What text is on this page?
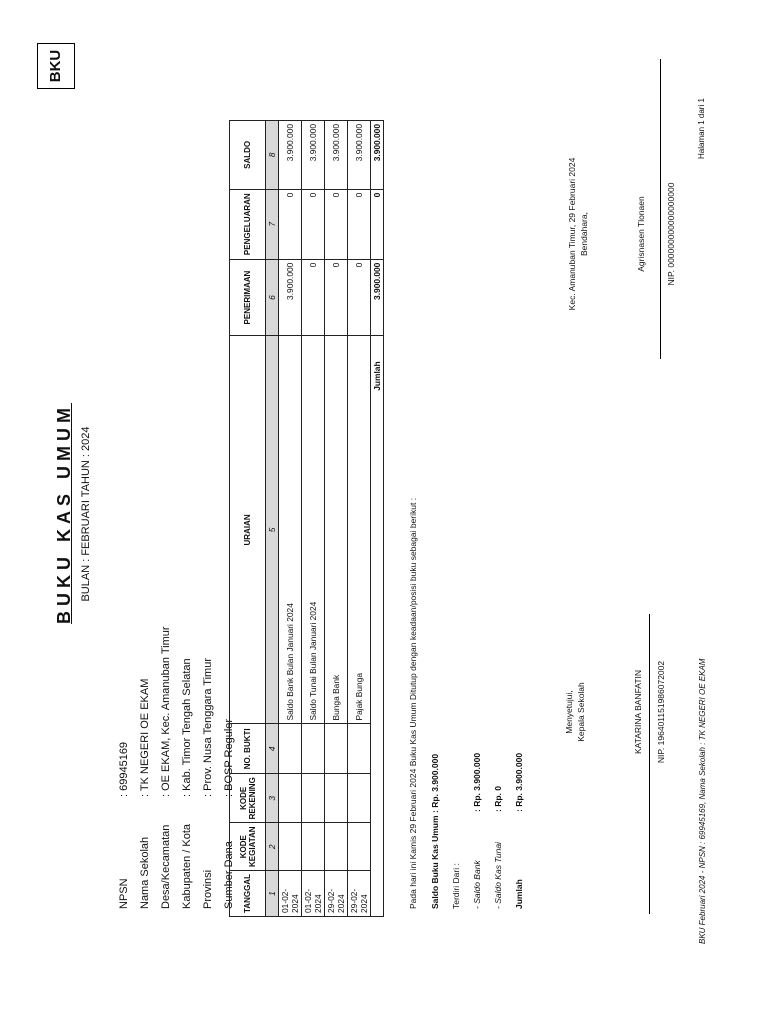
BKU
BUKU KAS UMUM BULAN : FEBRUARI TAHUN : 2024
NPSN: 69945169
Nama Sekolah: TK NEGERI OE EKAM
Desa/Kecamatan: OE EKAM, Kec. Amanuban Timur
Kabupaten / Kota: Kab. Timor Tengah Selatan
Provinsi: Prov. Nusa Tenggara Timur
Sumber Dana: BOSP Reguler
TANGGAL	KODE KEGIATAN	KODE REKENING	NO. BUKTI	URAIAN	PENERIMAAN	PENGELUARAN	SALDO
1	2	3	4	5	6	7	8
01-02-2024				Saldo Bank Bulan Januari 2024	3.900.000	0	3.900.000
01-02-2024				Saldo Tunai Bulan Januari 2024	0	0	3.900.000
29-02-2024				Bunga Bank	0	0	3.900.000
29-02-2024				Pajak Bunga	0	0	3.900.000
Jumlah					3.900.000	0	3.900.000
Pada hari ini Kamis 29 Februari 2024 Buku Kas Umum Ditutup dengan keadaan/posisi buku sebagai berikut : Saldo Buku Kas Umum
: Rp. 3.900.000
Terdiri Dari : - Saldo Bank
: Rp. 3.900.000
- Saldo Kas Tunai
: Rp. 0
Jumlah
: Rp. 3.900.000
Menyetujui, Kepala Sekolah	KATARINA BANFATIN NIP. 196401151986072002
Kec. Amanuban Timur, 29 Februari 2024 Bendahara,	Agrisnasen Tlonaen NIP. 000000000000000000
BKU Februari 2024 - NPSN : 69945169, Nama Sekolah : TK NEGERI OE EKAM
Halaman 1 dari 1
